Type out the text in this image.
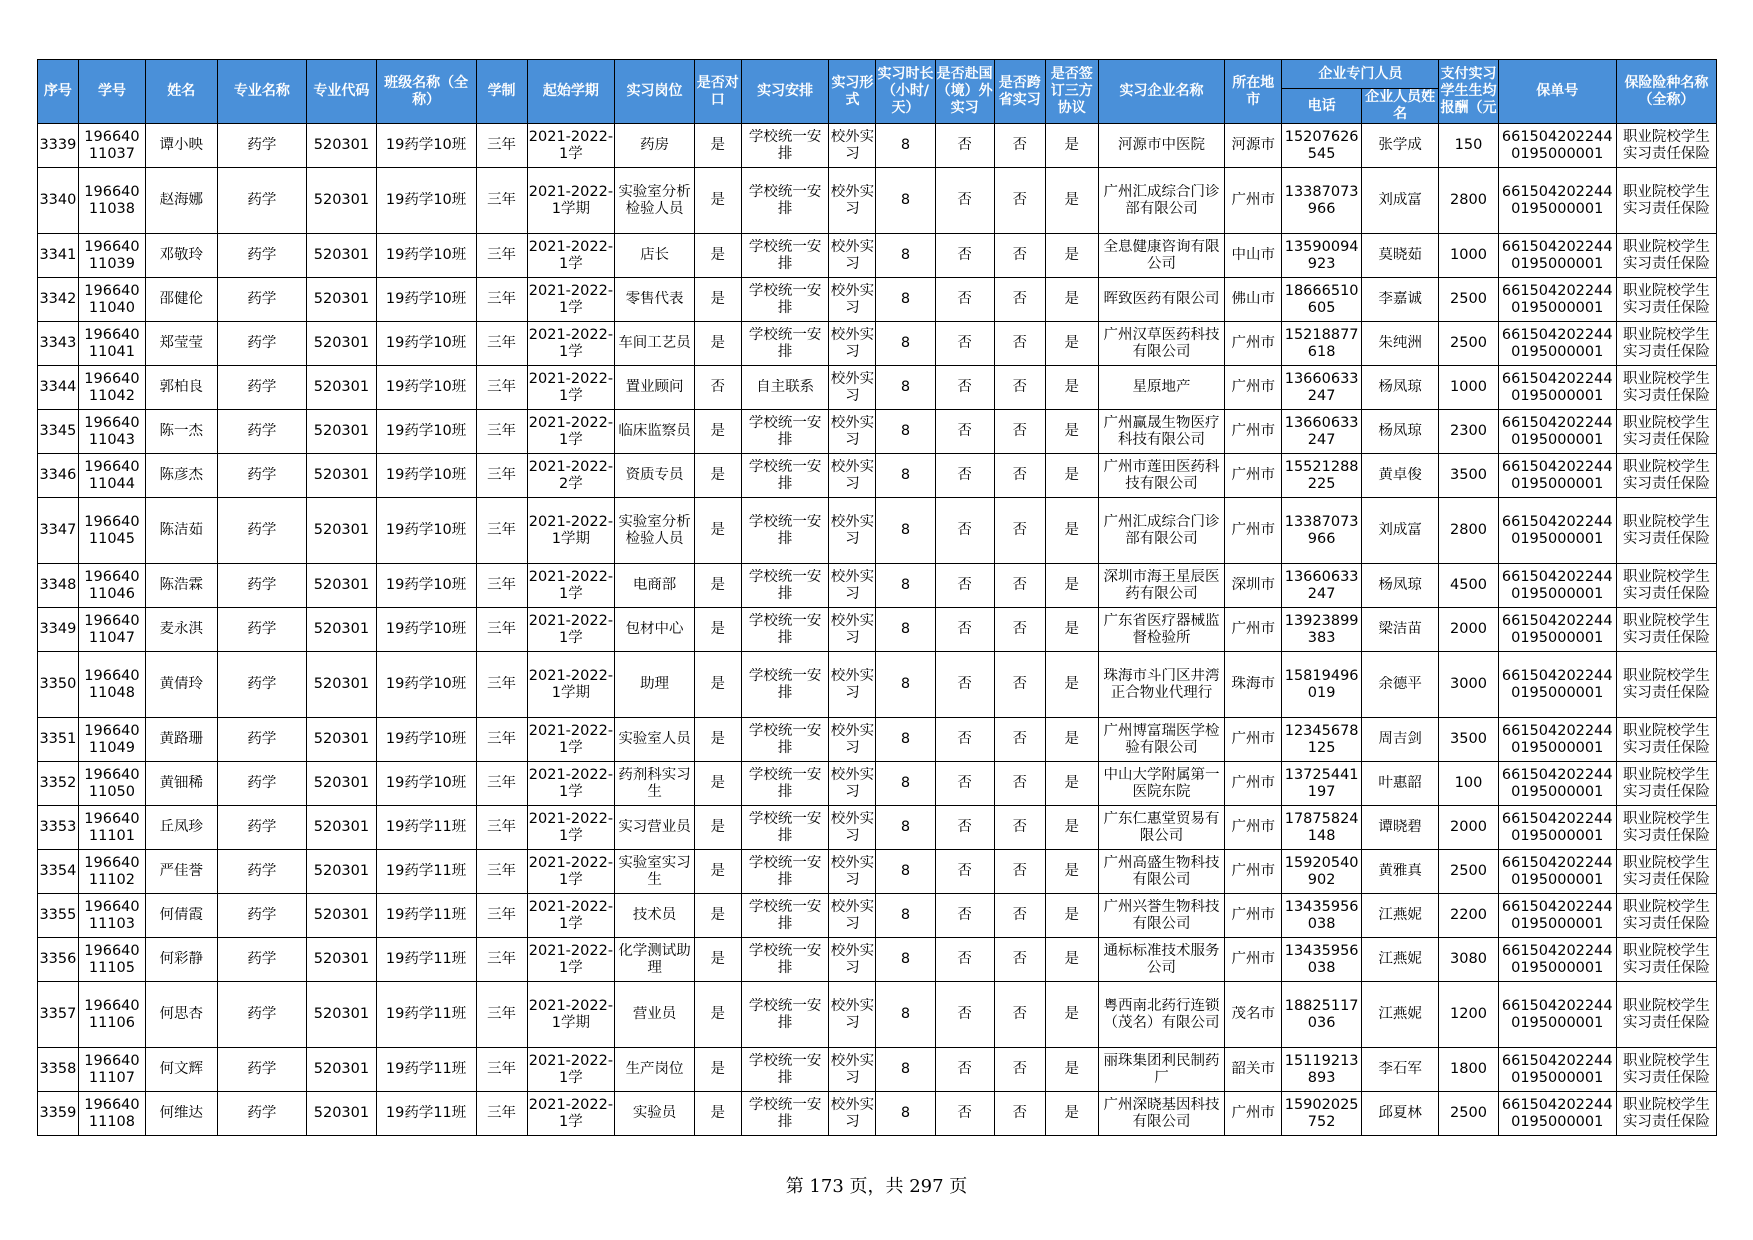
序号	学号	姓名	专业名称	专业代码	班级名称（全称）	学制	起始学期	实习岗位	是否对口	实习安排	实习形式	实习时长（小时/天）	是否赴国（境）外实习	是否跨省实习	是否签订三方协议	实习企业名称	所在地市	企业专门人员		支付实习学生生均报酬（元	保单号	保险险种名称（全称）
																		电话	企业人员姓名			

3339	19664011037	谭小映	药学	520301	19药学10班	三年	2021-2022-1学	药房	是	学校统一安排	校外实习	8	否	否	是	河源市中医院	河源市	15207626545	张学成	150	6615042022440195000001	职业院校学生实习责任保险

3340	19664011038	赵海娜	药学	520301	19药学10班	三年	2021-2022-1学期	实验室分析检验人员	是	学校统一安排	校外实习	8	否	否	是	广州汇成综合门诊部有限公司	广州市	13387073966	刘成富	2800	6615042022440195000001	职业院校学生实习责任保险

3341	19664011039	邓敬玲	药学	520301	19药学10班	三年	2021-2022-1学	店长	是	学校统一安排	校外实习	8	否	否	是	全息健康咨询有限公司	中山市	13590094923	莫晓茹	1000	6615042022440195000001	职业院校学生实习责任保险

3342	19664011040	邵健伦	药学	520301	19药学10班	三年	2021-2022-1学	零售代表	是	学校统一安排	校外实习	8	否	否	是	晖致医药有限公司	佛山市	18666510605	李嘉诚	2500	6615042022440195000001	职业院校学生实习责任保险

3343	19664011041	郑莹莹	药学	520301	19药学10班	三年	2021-2022-1学	车间工艺员	是	学校统一安排	校外实习	8	否	否	是	广州汉草医药科技有限公司	广州市	15218877618	朱纯洲	2500	6615042022440195000001	职业院校学生实习责任保险

3344	19664011042	郭柏良	药学	520301	19药学10班	三年	2021-2022-1学	置业顾问	否	自主联系	校外实习	8	否	否	是	星原地产	广州市	13660633247	杨凤琼	1000	6615042022440195000001	职业院校学生实习责任保险

3345	19664011043	陈一杰	药学	520301	19药学10班	三年	2021-2022-1学	临床监察员	是	学校统一安排	校外实习	8	否	否	是	广州赢晟生物医疗科技有限公司	广州市	13660633247	杨凤琼	2300	6615042022440195000001	职业院校学生实习责任保险

3346	19664011044	陈彦杰	药学	520301	19药学10班	三年	2021-2022-2学	资质专员	是	学校统一安排	校外实习	8	否	否	是	广州市莲田医药科技有限公司	广州市	15521288225	黄卓俊	3500	6615042022440195000001	职业院校学生实习责任保险

3347	19664011045	陈洁茹	药学	520301	19药学10班	三年	2021-2022-1学期	实验室分析检验人员	是	学校统一安排	校外实习	8	否	否	是	广州汇成综合门诊部有限公司	广州市	13387073966	刘成富	2800	6615042022440195000001	职业院校学生实习责任保险

3348	19664011046	陈浩霖	药学	520301	19药学10班	三年	2021-2022-1学	电商部	是	学校统一安排	校外实习	8	否	否	是	深圳市海王星辰医药有限公司	深圳市	13660633247	杨凤琼	4500	6615042022440195000001	职业院校学生实习责任保险

3349	19664011047	麦永淇	药学	520301	19药学10班	三年	2021-2022-1学	包材中心	是	学校统一安排	校外实习	8	否	否	是	广东省医疗器械监督检验所	广州市	13923899383	梁洁苗	2000	6615042022440195000001	职业院校学生实习责任保险

3350	19664011048	黄倩玲	药学	520301	19药学10班	三年	2021-2022-1学期	助理	是	学校统一安排	校外实习	8	否	否	是	珠海市斗门区井湾正合物业代理行	珠海市	15819496019	余德平	3000	6615042022440195000001	职业院校学生实习责任保险

3351	19664011049	黄路珊	药学	520301	19药学10班	三年	2021-2022-1学	实验室人员	是	学校统一安排	校外实习	8	否	否	是	广州博富瑞医学检验有限公司	广州市	12345678125	周吉剑	3500	6615042022440195000001	职业院校学生实习责任保险

3352	19664011050	黄钿稀	药学	520301	19药学10班	三年	2021-2022-1学	药剂科实习生	是	学校统一安排	校外实习	8	否	否	是	中山大学附属第一医院东院	广州市	13725441197	叶惠韶	100	6615042022440195000001	职业院校学生实习责任保险

3353	19664011101	丘凤珍	药学	520301	19药学11班	三年	2021-2022-1学	实习营业员	是	学校统一安排	校外实习	8	否	否	是	广东仁惠堂贸易有限公司	广州市	17875824148	谭晓碧	2000	6615042022440195000001	职业院校学生实习责任保险

3354	19664011102	严佳誉	药学	520301	19药学11班	三年	2021-2022-1学	实验室实习生	是	学校统一安排	校外实习	8	否	否	是	广州高盛生物科技有限公司	广州市	15920540902	黄雅真	2500	6615042022440195000001	职业院校学生实习责任保险

3355	19664011103	何倩霞	药学	520301	19药学11班	三年	2021-2022-1学	技术员	是	学校统一安排	校外实习	8	否	否	是	广州兴誉生物科技有限公司	广州市	13435956038	江燕妮	2200	6615042022440195000001	职业院校学生实习责任保险

3356	19664011105	何彩静	药学	520301	19药学11班	三年	2021-2022-1学	化学测试助理	是	学校统一安排	校外实习	8	否	否	是	通标标准技术服务公司	广州市	13435956038	江燕妮	3080	6615042022440195000001	职业院校学生实习责任保险

3357	19664011106	何思杏	药学	520301	19药学11班	三年	2021-2022-1学期	营业员	是	学校统一安排	校外实习	8	否	否	是	粤西南北药行连锁（茂名）有限公司	茂名市	18825117036	江燕妮	1200	6615042022440195000001	职业院校学生实习责任保险

3358	19664011107	何文辉	药学	520301	19药学11班	三年	2021-2022-1学	生产岗位	是	学校统一安排	校外实习	8	否	否	是	丽珠集团利民制药厂	韶关市	15119213893	李石军	1800	6615042022440195000001	职业院校学生实习责任保险

3359	19664011108	何维达	药学	520301	19药学11班	三年	2021-2022-1学	实验员	是	学校统一安排	校外实习	8	否	否	是	广州深晓基因科技有限公司	广州市	15902025752	邱夏林	2500	6615042022440195000001	职业院校学生实习责任保险
第 173 页，共 297 页
